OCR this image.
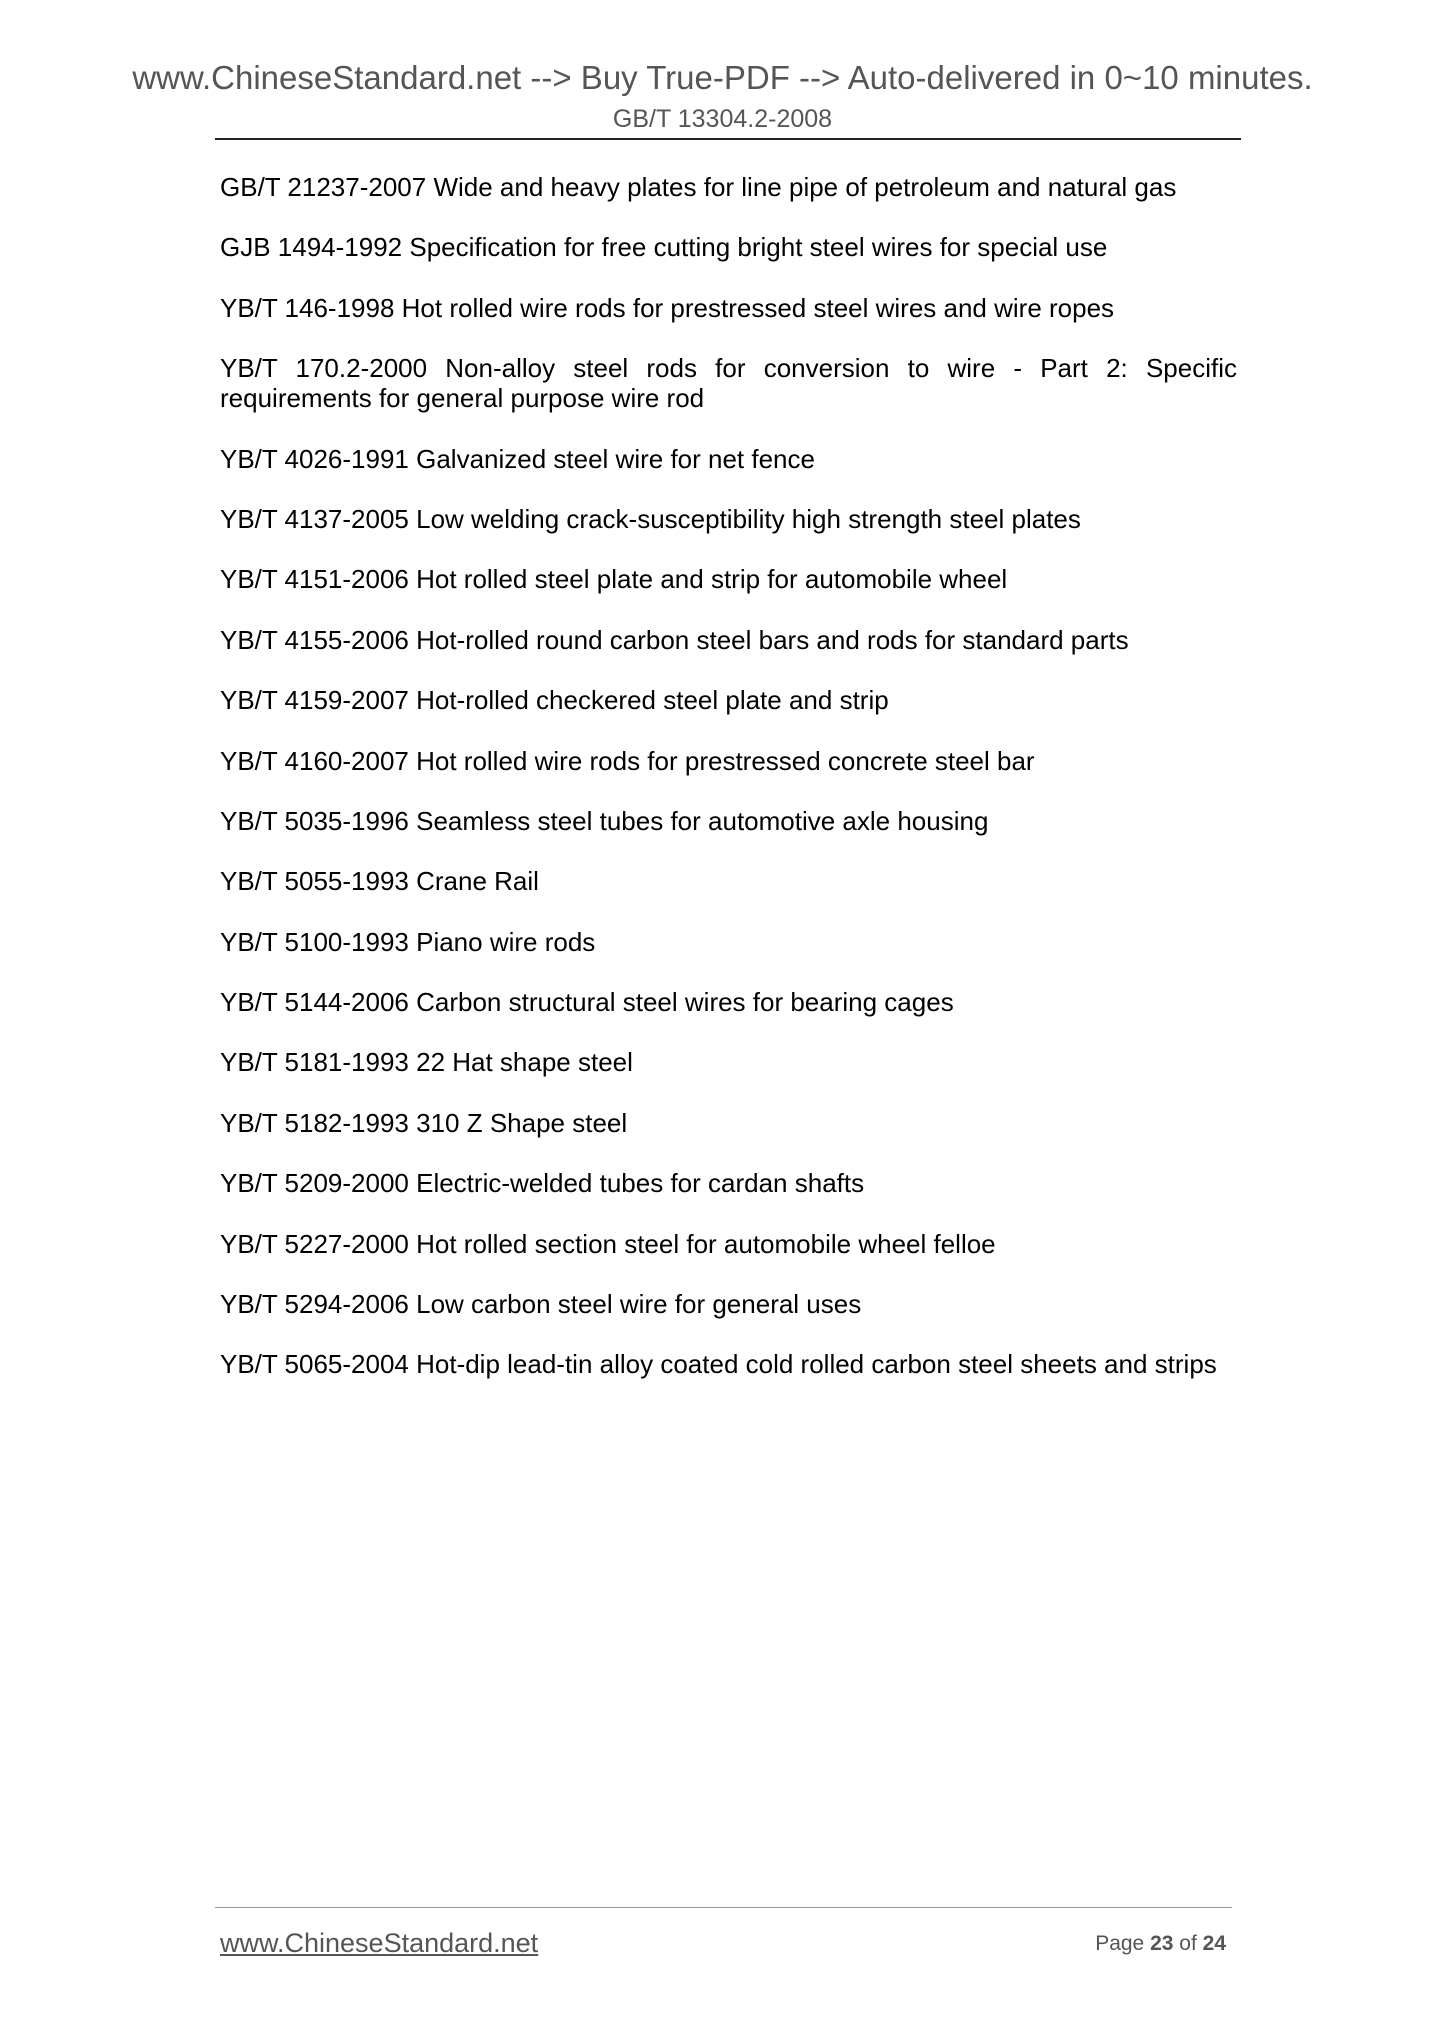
www.ChineseStandard.net --> Buy True-PDF --> Auto-delivered in 0~10 minutes.
GB/T 13304.2-2008
GB/T 21237-2007 Wide and heavy plates for line pipe of petroleum and natural gas
GJB 1494-1992 Specification for free cutting bright steel wires for special use
YB/T 146-1998 Hot rolled wire rods for prestressed steel wires and wire ropes
YB/T 170.2-2000 Non-alloy steel rods for conversion to wire - Part 2: Specific requirements for general purpose wire rod
YB/T 4026-1991 Galvanized steel wire for net fence
YB/T 4137-2005 Low welding crack-susceptibility high strength steel plates
YB/T 4151-2006 Hot rolled steel plate and strip for automobile wheel
YB/T 4155-2006 Hot-rolled round carbon steel bars and rods for standard parts
YB/T 4159-2007 Hot-rolled checkered steel plate and strip
YB/T 4160-2007 Hot rolled wire rods for prestressed concrete steel bar
YB/T 5035-1996 Seamless steel tubes for automotive axle housing
YB/T 5055-1993 Crane Rail
YB/T 5100-1993 Piano wire rods
YB/T 5144-2006 Carbon structural steel wires for bearing cages
YB/T 5181-1993 22 Hat shape steel
YB/T 5182-1993 310 Z Shape steel
YB/T 5209-2000 Electric-welded tubes for cardan shafts
YB/T 5227-2000 Hot rolled section steel for automobile wheel felloe
YB/T 5294-2006 Low carbon steel wire for general uses
YB/T 5065-2004 Hot-dip lead-tin alloy coated cold rolled carbon steel sheets and strips
www.ChineseStandard.net	Page 23 of 24
